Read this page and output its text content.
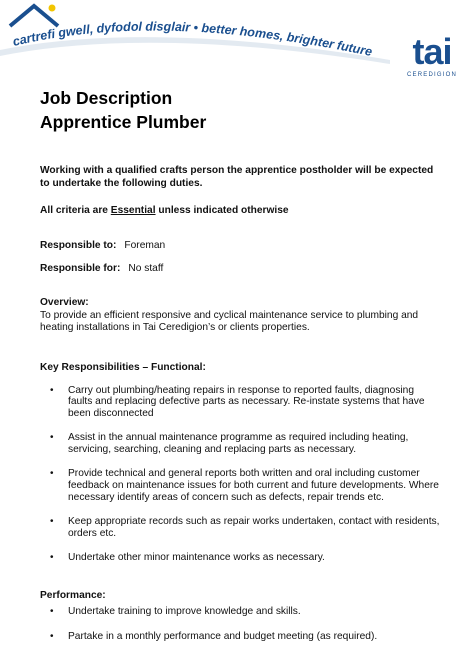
cartrefi gwell, dyfodol disglair • better homes, brighter future tai
CEREDIGION
Job Description
Apprentice Plumber

Working with a qualified crafts person the apprentice postholder will be expected to undertake the following duties.

All criteria are Essential unless indicated otherwise

Responsible to: Foreman

Responsible for: No staff

Overview:

To provide an efficient responsive and cyclical maintenance service to plumbing and heating installations in Tai Ceredigion’s or clients properties.

Key Responsibilities – Functional:

• Carry out plumbing/heating repairs in response to reported faults, diagnosing faults and replacing defective parts as necessary. Re-instate systems that have been disconnected
• Assist in the annual maintenance programme as required including heating, servicing, searching, cleaning and replacing parts as necessary.
• Provide technical and general reports both written and oral including customer feedback on maintenance issues for both current and future developments. Where necessary identify areas of concern such as defects, repair trends etc.
• Keep appropriate records such as repair works undertaken, contact with residents, orders etc.
• Undertake other minor maintenance works as necessary.

Performance:

• Undertake training to improve knowledge and skills.
• Partake in a monthly performance and budget meeting (as required).
